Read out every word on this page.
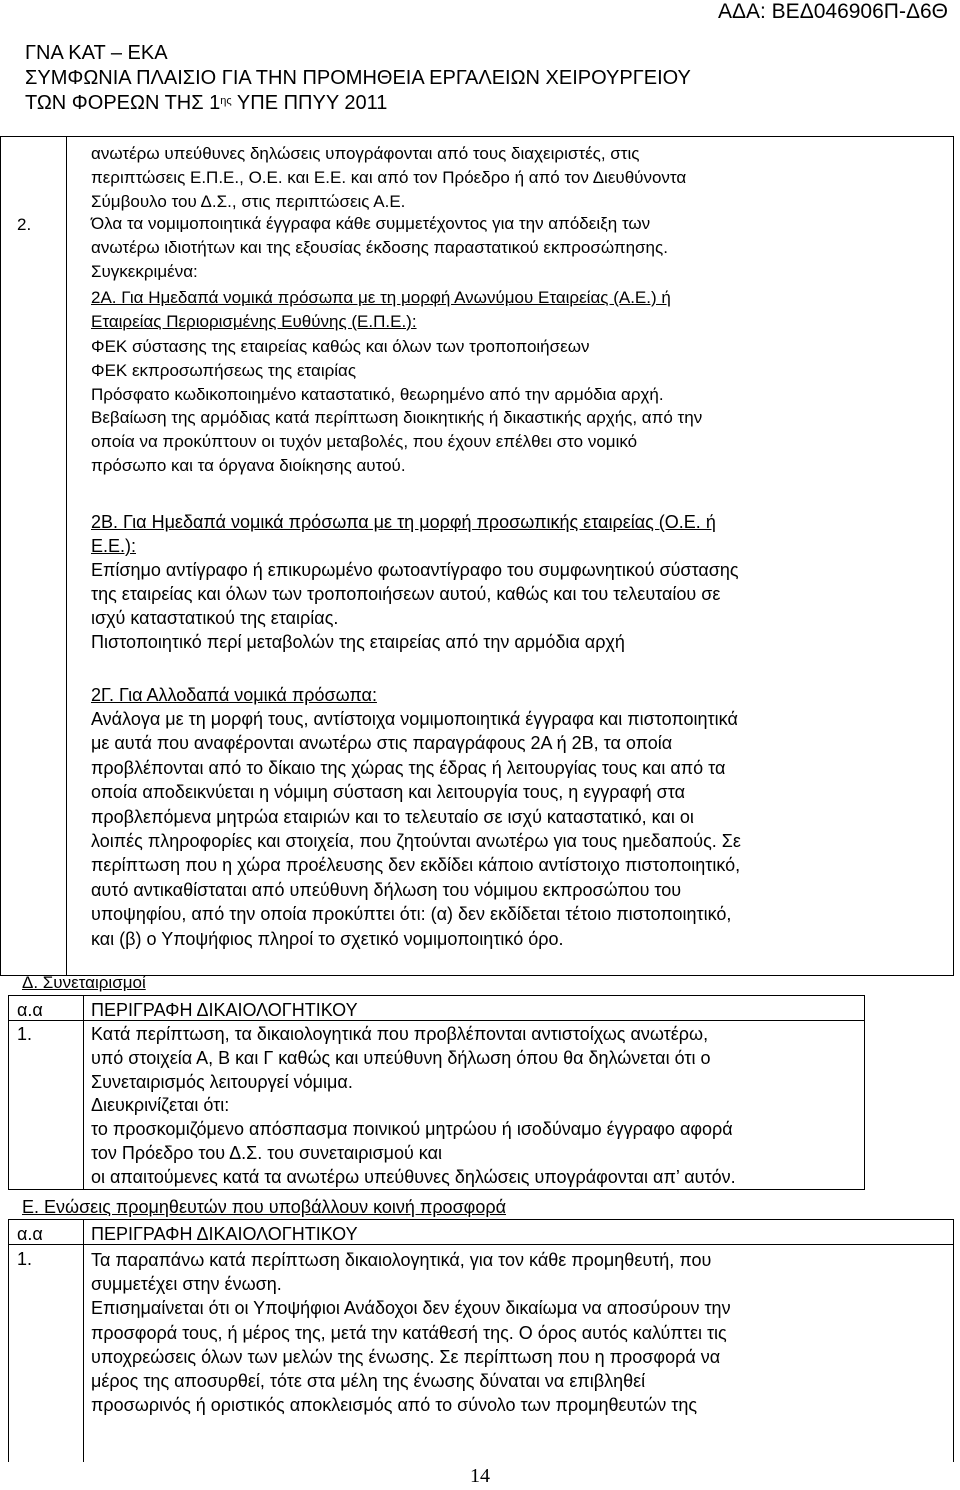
ΑΔΑ: ΒΕΔ046906Π-Δ6Θ
ΓΝΑ ΚΑΤ – ΕΚΑ
ΣΥΜΦΩΝΙΑ ΠΛΑΙΣΙΟ ΓΙΑ ΤΗΝ ΠΡΟΜΗΘΕΙΑ ΕΡΓΑΛΕΙΩΝ ΧΕΙΡΟΥΡΓΕΙΟΥ
ΤΩΝ ΦΟΡΕΩΝ ΤΗΣ $1^{\eta\varsigma}$ ΥΠΕ ΠΠΥΥ 2011
ανωτέρω υπεύθυνες δηλώσεις υπογράφονται από τους διαχειριστές, στις
περιπτώσεις Ε.Π.Ε., Ο.Ε. και Ε.Ε. και από τον Πρόεδρο ή από τον Διευθύνοντα
Σύμβουλο του Δ.Σ., στις περιπτώσεις Α.Ε.
2.	Όλα τα νομιμοποιητικά έγγραφα κάθε συμμετέχοντος για την απόδειξη των
ανωτέρω ιδιοτήτων και της εξουσίας έκδοσης παραστατικού εκπροσώπησης.
Συγκεκριμένα:
2Α. Για Ημεδαπά νομικά πρόσωπα με τη μορφή Ανωνύμου Εταιρείας (Α.Ε.) ή
Εταιρείας Περιορισμένης Ευθύνης (Ε.Π.Ε.):
ΦΕΚ σύστασης της εταιρείας καθώς και όλων των τροποποιήσεων
ΦΕΚ εκπροσωπήσεως της εταιρίας
Πρόσφατο κωδικοποιημένο καταστατικό, θεωρημένο από την αρμόδια αρχή.
Βεβαίωση της αρμόδιας κατά περίπτωση διοικητικής ή δικαστικής αρχής, από την
οποία να προκύπτουν οι τυχόν μεταβολές, που έχουν επέλθει στο νομικό
πρόσωπο και τα όργανα διοίκησης αυτού.
2Β. Για Ημεδαπά νομικά πρόσωπα με τη μορφή προσωπικής εταιρείας (Ο.Ε. ή
Ε.Ε.):
Επίσημο αντίγραφο ή επικυρωμένο φωτοαντίγραφο του συμφωνητικού σύστασης
της εταιρείας και όλων των τροποποιήσεων αυτού, καθώς και του τελευταίου σε
ισχύ καταστατικού της εταιρίας.
Πιστοποιητικό περί μεταβολών της εταιρείας από την αρμόδια αρχή
2Γ. Για Αλλοδαπά νομικά πρόσωπα:
Ανάλογα με τη μορφή τους, αντίστοιχα νομιμοποιητικά έγγραφα και πιστοποιητικά
με αυτά που αναφέρονται ανωτέρω στις παραγράφους 2Α ή 2Β, τα οποία
προβλέπονται από το δίκαιο της χώρας της έδρας ή λειτουργίας τους και από τα
οποία αποδεικνύεται η νόμιμη σύσταση και λειτουργία τους, η εγγραφή στα
προβλεπόμενα μητρώα εταιριών και το τελευταίο σε ισχύ καταστατικό, και οι
λοιπές πληροφορίες και στοιχεία, που ζητούνται ανωτέρω για τους ημεδαπούς. Σε
περίπτωση που η χώρα προέλευσης δεν εκδίδει κάποιο αντίστοιχο πιστοποιητικό,
αυτό αντικαθίσταται από υπεύθυνη δήλωση του νόμιμου εκπροσώπου του
υποψηφίου, από την οποία προκύπτει ότι: (α) δεν εκδίδεται τέτοιο πιστοποιητικό,
και (β) ο Υποψήφιος πληροί το σχετικό νομιμοποιητικό όρο.
Δ. Συνεταιρισμοί
α.α	ΠΕΡΙΓΡΑΦΗ ΔΙΚΑΙΟΛΟΓΗΤΙΚΟΥ
1.	Κατά περίπτωση, τα δικαιολογητικά που προβλέπονται αντιστοίχως ανωτέρω,
υπό στοιχεία Α, Β και Γ καθώς και υπεύθυνη δήλωση όπου θα δηλώνεται ότι ο
Συνεταιρισμός λειτουργεί νόμιμα.
Διευκρινίζεται ότι:
το προσκομιζόμενο απόσπασμα ποινικού μητρώου ή ισοδύναμο έγγραφο αφορά
τον Πρόεδρο του Δ.Σ. του συνεταιρισμού και
οι απαιτούμενες κατά τα ανωτέρω υπεύθυνες δηλώσεις υπογράφονται απ’ αυτόν.
Ε. Ενώσεις προμηθευτών που υποβάλλουν κοινή προσφορά
α.α	ΠΕΡΙΓΡΑΦΗ ΔΙΚΑΙΟΛΟΓΗΤΙΚΟΥ
1.	Τα παραπάνω κατά περίπτωση δικαιολογητικά, για τον κάθε προμηθευτή, που
συμμετέχει στην ένωση.
Επισημαίνεται ότι οι Υποψήφιοι Ανάδοχοι δεν έχουν δικαίωμα να αποσύρουν την
προσφορά τους, ή μέρος της, μετά την κατάθεσή της. Ο όρος αυτός καλύπτει τις
υποχρεώσεις όλων των μελών της ένωσης. Σε περίπτωση που η προσφορά να
μέρος της αποσυρθεί, τότε στα μέλη της ένωσης δύναται να επιβληθεί
προσωρινός ή οριστικός αποκλεισμός από το σύνολο των προμηθευτών της
14
